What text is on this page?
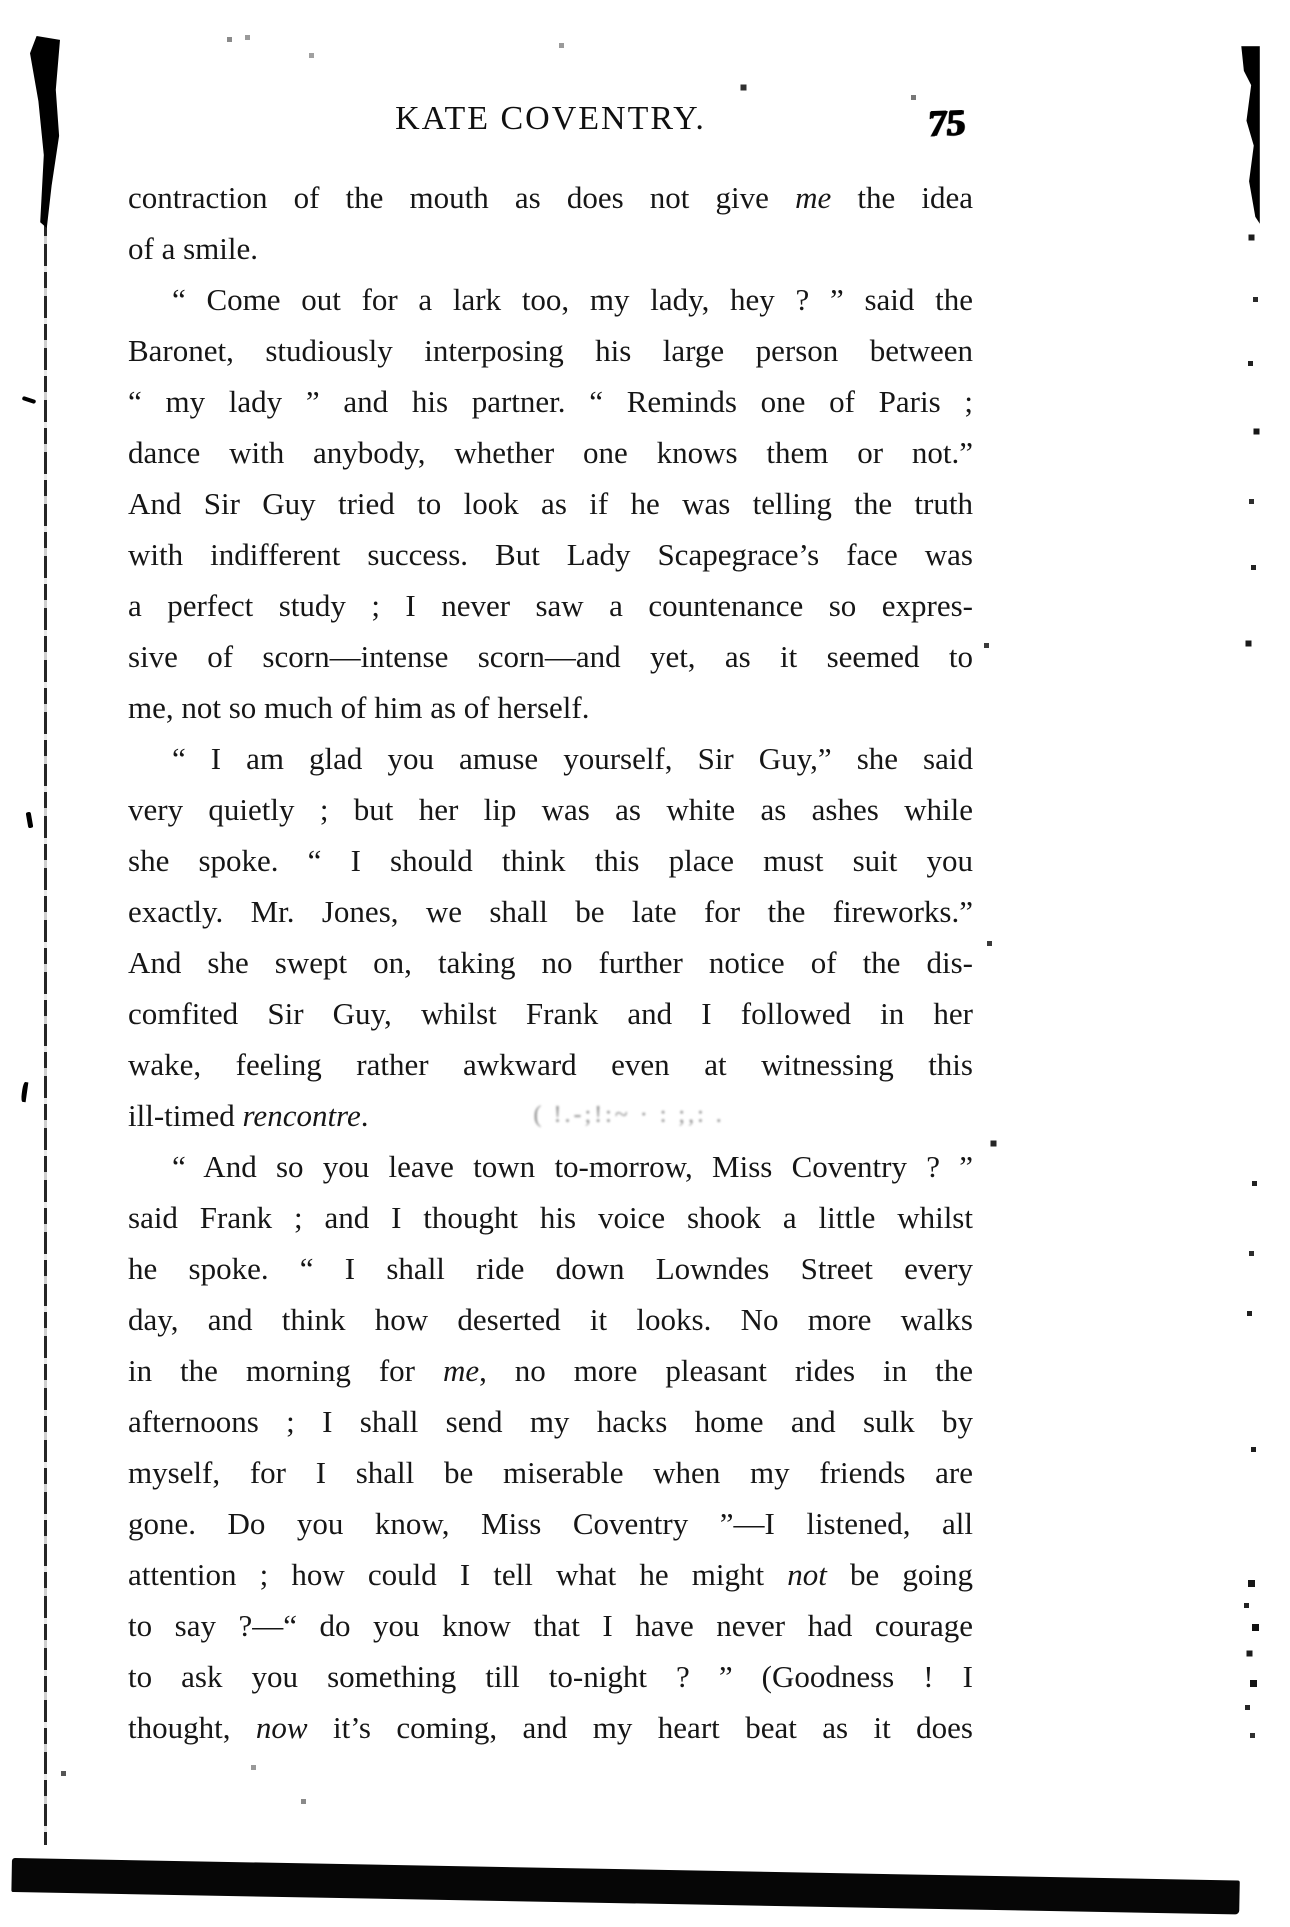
KATE COVENTRY.	75
contraction of the mouth as does not give me the idea
of a smile.
“ Come out for a lark too, my lady, hey ? ” said the
Baronet, studiously interposing his large person between
“ my lady ” and his partner. “ Reminds one of Paris ;
dance with anybody, whether one knows them or not.”
And Sir Guy tried to look as if he was telling the truth
with indifferent success. But Lady Scapegrace’s face was
a perfect study ; I never saw a countenance so expres-
sive of scorn—intense scorn—and yet, as it seemed to
me, not so much of him as of herself.
“ I am glad you amuse yourself, Sir Guy,” she said
very quietly ; but her lip was as white as ashes while
she spoke. “ I should think this place must suit you
exactly. Mr. Jones, we shall be late for the fireworks.”
And she swept on, taking no further notice of the dis-
comfited Sir Guy, whilst Frank and I followed in her
wake, feeling rather awkward even at witnessing this
ill-timed rencontre.	( !.-;!:~ · : ;,: .
“ And so you leave town to-morrow, Miss Coventry ? ”
said Frank ; and I thought his voice shook a little whilst
he spoke. “ I shall ride down Lowndes Street every
day, and think how deserted it looks. No more walks
in the morning for me, no more pleasant rides in the
afternoons ; I shall send my hacks home and sulk by
myself, for I shall be miserable when my friends are
gone. Do you know, Miss Coventry ”—I listened, all
attention ; how could I tell what he might not be going
to say ?—“ do you know that I have never had courage
to ask you something till to-night ? ” (Goodness ! I
thought, now it’s coming, and my heart beat as it does
